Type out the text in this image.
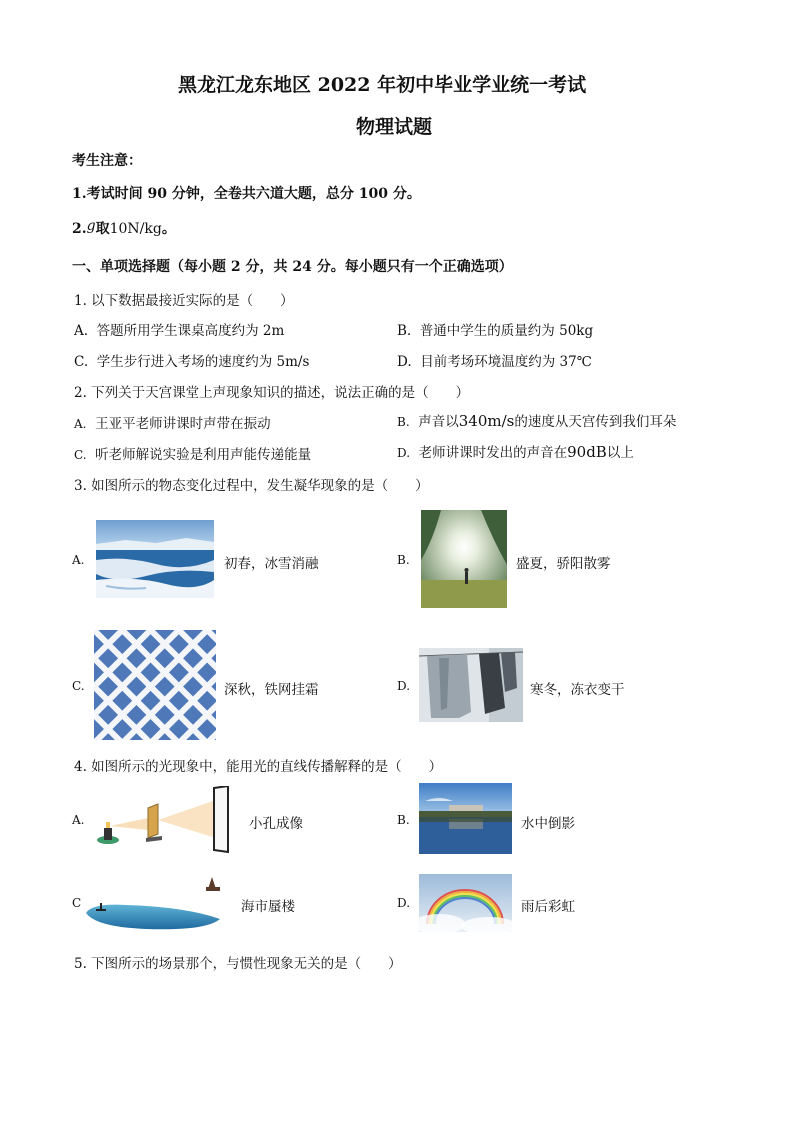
黑龙江龙东地区 2022 年初中毕业学业统一考试
物理试题
考生注意：
1.考试时间 90 分钟，全卷共六道大题，总分 100 分。
2.g取10N/kg。
一、单项选择题（每小题 2 分，共 24 分。每小题只有一个正确选项）
1. 以下数据最接近实际的是（　　）
A. 答题所用学生课桌高度约为 2m	B. 普通中学生的质量约为 50kg
C. 学生步行进入考场的速度约为 5m/s	D. 目前考场环境温度约为 37℃
2. 下列关于天宫课堂上声现象知识的描述，说法正确的是（　　）
A. 王亚平老师讲课时声带在振动	B. 声音以340m/s的速度从天宫传到我们耳朵
C. 听老师解说实验是利用声能传递能量	D. 老师讲课时发出的声音在90dB以上
3. 如图所示的物态变化过程中，发生凝华现象的是（　　）
A.	初春，冰雪消融	B.	盛夏，骄阳散雾
C.	深秋，铁网挂霜	D.	寒冬，冻衣变干
4. 如图所示的光现象中，能用光的直线传播解释的是（　　）
A.	小孔成像	B.	水中倒影
C	海市蜃楼	D.	雨后彩虹
5. 下图所示的场景那个，与惯性现象无关的是（　　）
